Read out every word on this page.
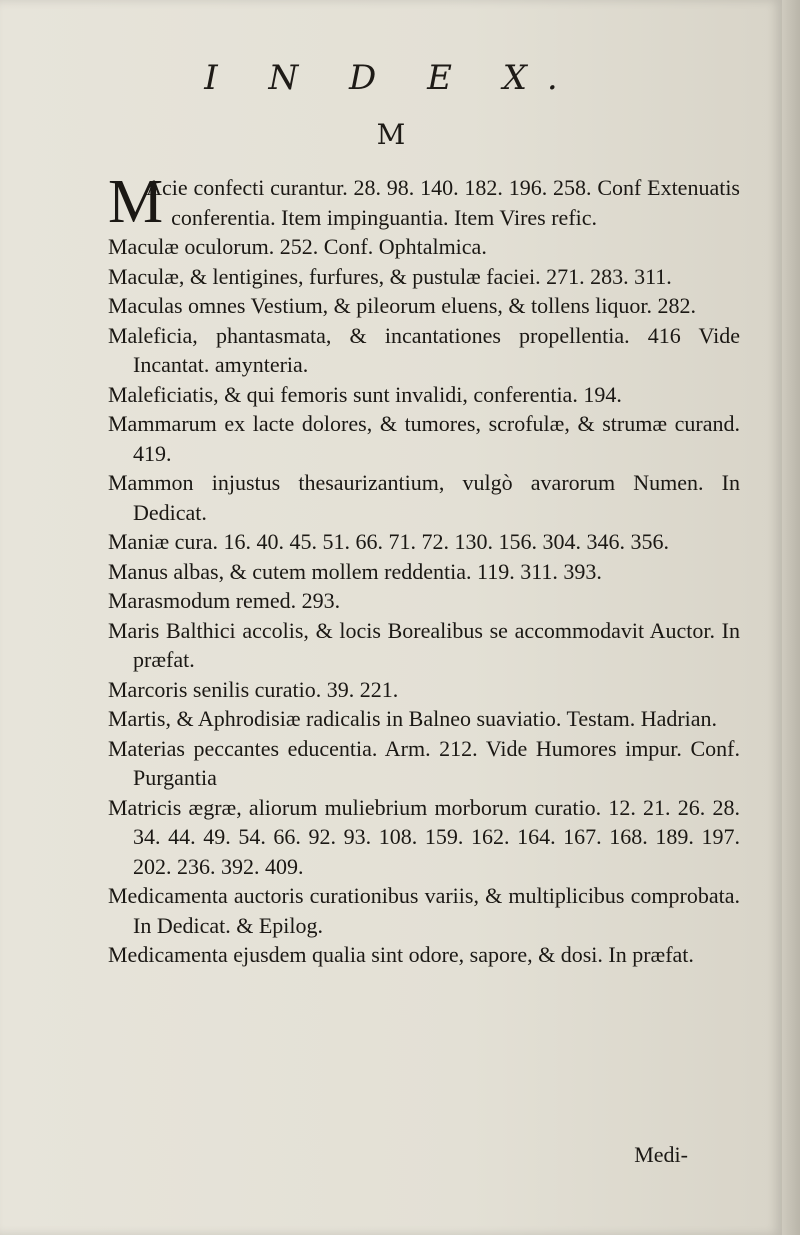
I N D E X.
M
M
Acie confecti curantur. 28. 98. 140. 182. 196. 258. Conf Extenuatis conferentia. Item impinguantia. Item Vires refic.
Maculæ oculorum. 252. Conf. Ophtalmica.
Maculæ, & lentigines, furfures, & pustulæ faciei. 271. 283. 311.
Maculas omnes Vestium, & pileorum eluens, & tollens liquor. 282.
Maleficia, phantasmata, & incantationes propellentia. 416 Vide Incantat. amynteria.
Maleficiatis, & qui femoris sunt invalidi, conferentia. 194.
Mammarum ex lacte dolores, & tumores, scrofulæ, & strumæ curand. 419.
Mammon injustus thesaurizantium, vulgò avarorum Numen. In Dedicat.
Maniæ cura. 16. 40. 45. 51. 66. 71. 72. 130. 156. 304. 346. 356.
Manus albas, & cutem mollem reddentia. 119. 311. 393.
Marasmodum remed. 293.
Maris Balthici accolis, & locis Borealibus se accommodavit Auctor. In præfat.
Marcoris senilis curatio. 39. 221.
Martis, & Aphrodisiæ radicalis in Balneo suaviatio. Testam. Hadrian.
Materias peccantes educentia. Arm. 212. Vide Humores impur. Conf. Purgantia
Matricis ægræ, aliorum muliebrium morborum curatio. 12. 21. 26. 28. 34. 44. 49. 54. 66. 92. 93. 108. 159. 162. 164. 167. 168. 189. 197. 202. 236. 392. 409.
Medicamenta auctoris curationibus variis, & multiplicibus comprobata. In Dedicat. & Epilog.
Medicamenta ejusdem qualia sint odore, sapore, & dosi. In præfat.
Medi-
